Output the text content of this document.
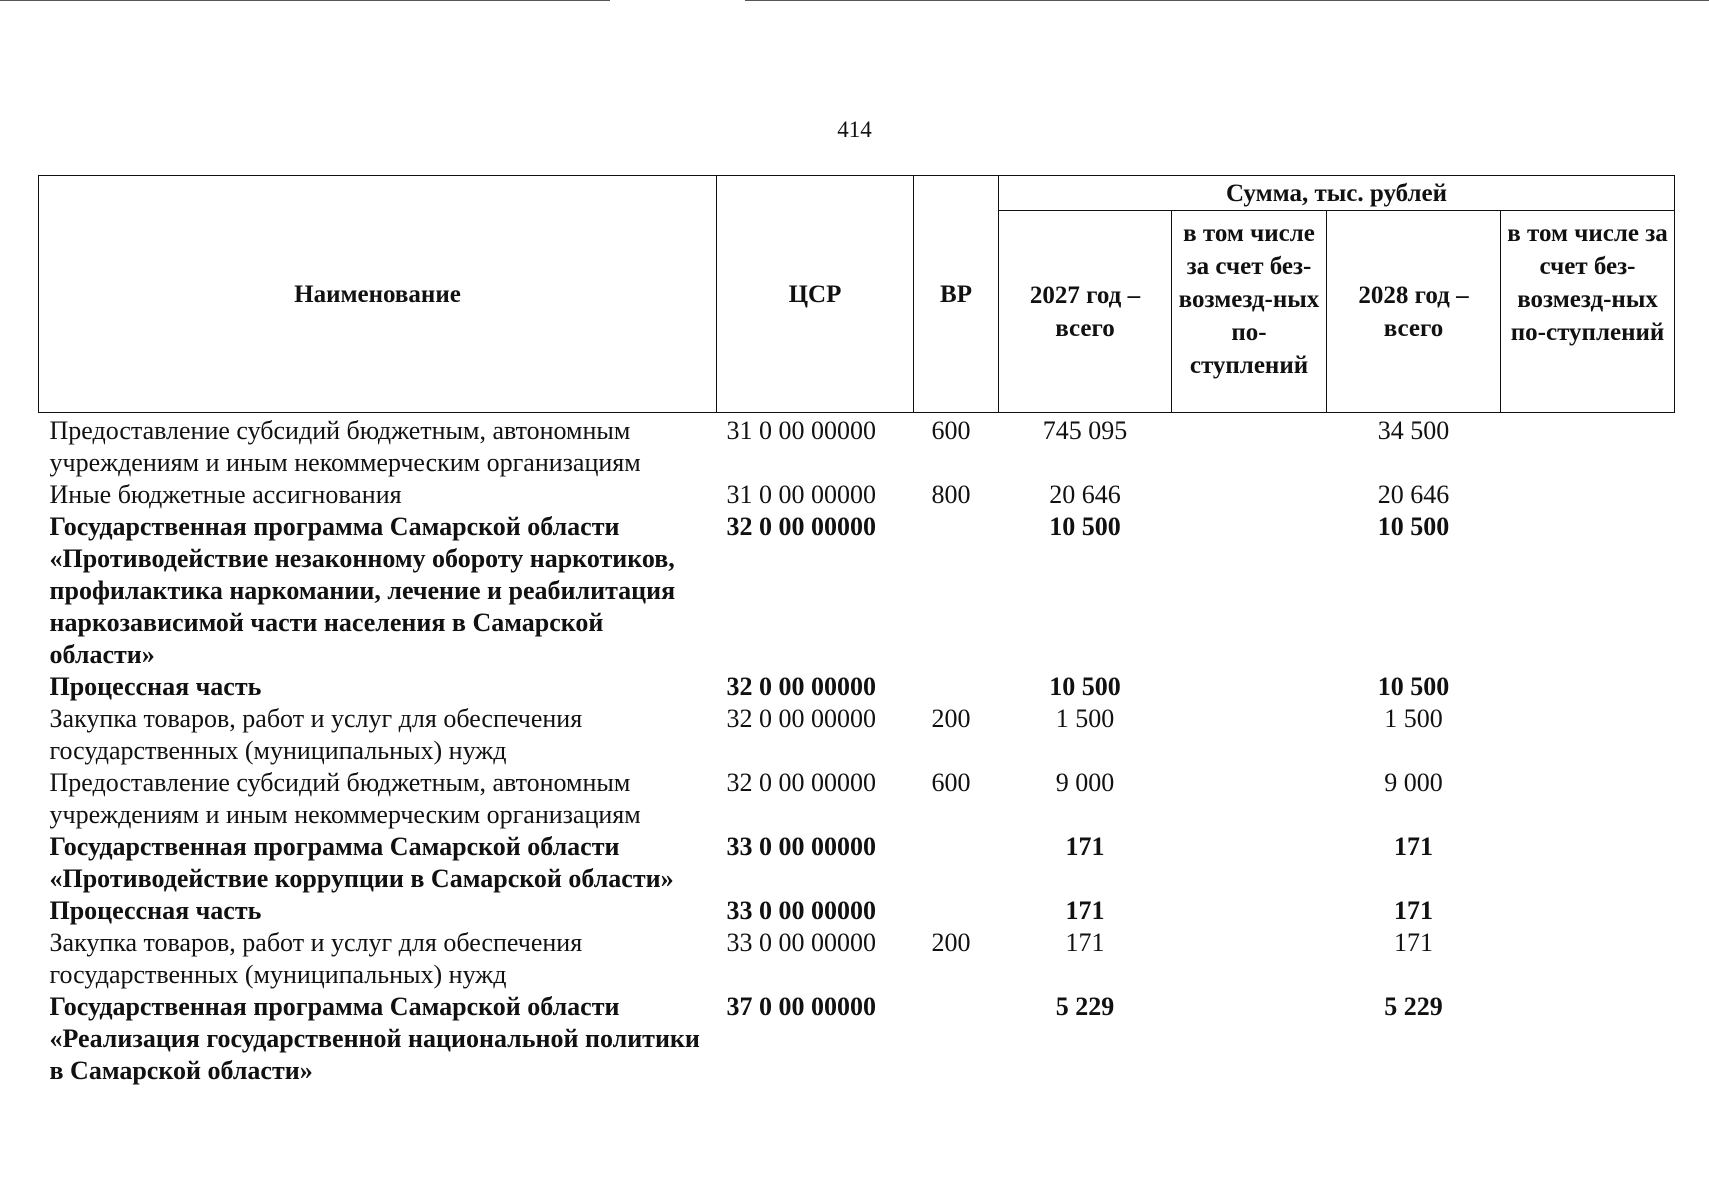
414
Наименование	ЦСР	ВР	Сумма, тыс. рублей			
			2027 год – всего	в том числе за счет без-возмезд-ных по-ступлений	2028 год – всего	в том числе за счет без-возмезд-ных по-ступлений
Предоставление субсидий бюджетным, автономным учреждениям и иным некоммерческим организациям	31 0 00 00000	600	745 095		34 500	
Иные бюджетные ассигнования	31 0 00 00000	800	20 646		20 646	
Государственная программа Самарской области «Противодействие незаконному обороту наркотиков, профилактика наркомании, лечение и реабилитация наркозависимой части населения в Самарской области»	32 0 00 00000		10 500		10 500	
Процессная часть	32 0 00 00000		10 500		10 500	
Закупка товаров, работ и услуг для обеспечения государственных (муниципальных) нужд	32 0 00 00000	200	1 500		1 500	
Предоставление субсидий бюджетным, автономным учреждениям и иным некоммерческим организациям	32 0 00 00000	600	9 000		9 000	
Государственная программа Самарской области «Противодействие коррупции в Самарской области»	33 0 00 00000		171		171	
Процессная часть	33 0 00 00000		171		171	
Закупка товаров, работ и услуг для обеспечения государственных (муниципальных) нужд	33 0 00 00000	200	171		171	
Государственная программа Самарской области «Реализация государственной национальной политики в Самарской области»	37 0 00 00000		5 229		5 229	
